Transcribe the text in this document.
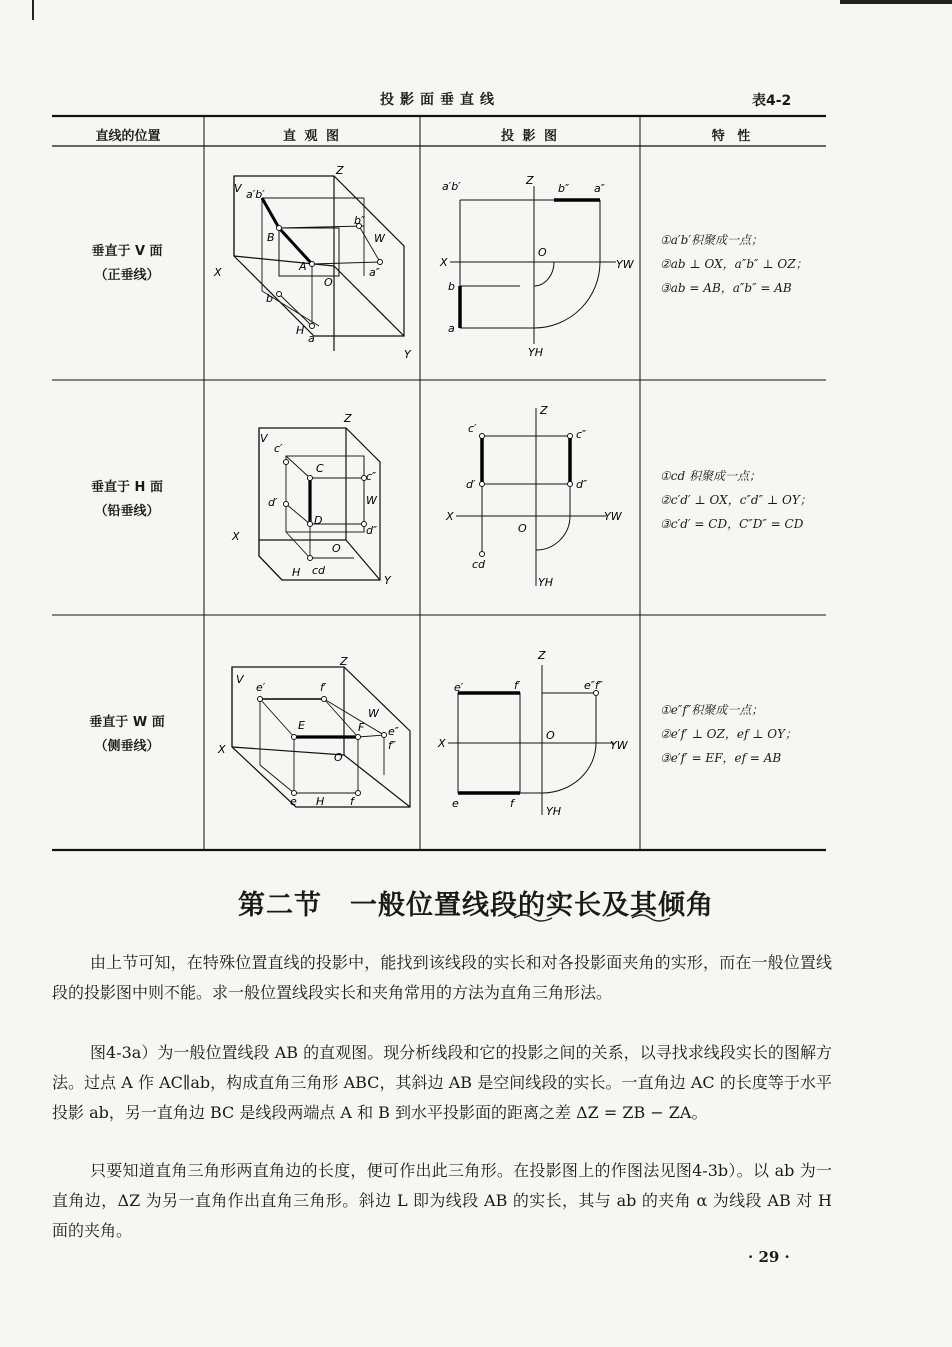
投影面垂直线	表4-2
直线的位置	直 观 图	投 影 图	特 性
垂直于 V 面
（正垂线）
①a′b′积聚成一点；
②ab ⊥ OX，a″b″ ⊥ OZ；
③ab = AB，a″b″ = AB
Z
V a′b′
b″
W
B
A
X
O
a″
b
H
a
Y
a′b′	Z
b″ a″
O
X	YW
b
a
YH
垂直于 H 面
（铅垂线）
①cd 积聚成一点；
②c′d′ ⊥ OX，c″d″ ⊥ OY；
③c′d′ = CD，C″D″ = CD
Z
V
c′
C
c″
d′	W
D
d″
X
O
H cd
Y
Z
c′	c″
d′	d″
X
O
YW
cd
YH
垂直于 W 面
（侧垂线）
①e″f″积聚成一点；
②e′f′ ⊥ OZ，ef ⊥ OY；
③e′f′ = EF，ef = AB
Z
V
e′	f′
W
E	F e″
f″
X
O
e H f
Z
e′	f′	e″f″
X
O
YW
e	f
YH
第二节　一般位置线段的实长及其倾角
由上节可知，在特殊位置直线的投影中，能找到该线段的实长和对各投影面夹角的实形，而在一般位置线段的投影图中则不能。求一般位置线段实长和夹角常用的方法为直角三角形法。
图4-3a）为一般位置线段 AB 的直观图。现分析线段和它的投影之间的关系，以寻找求线段实长的图解方法。过点 A 作 AC∥ab，构成直角三角形 ABC，其斜边 AB 是空间线段的实长。一直角边 AC 的长度等于水平投影 ab，另一直角边 BC 是线段两端点 A 和 B 到水平投影面的距离之差 ΔZ = ZB − ZA。
只要知道直角三角形两直角边的长度，便可作出此三角形。在投影图上的作图法见图4-3b）。以 ab 为一直角边，ΔZ 为另一直角作出直角三角形。斜边 L 即为线段 AB 的实长，其与 ab 的夹角 α 为线段 AB 对 H 面的夹角。
· 29 ·
